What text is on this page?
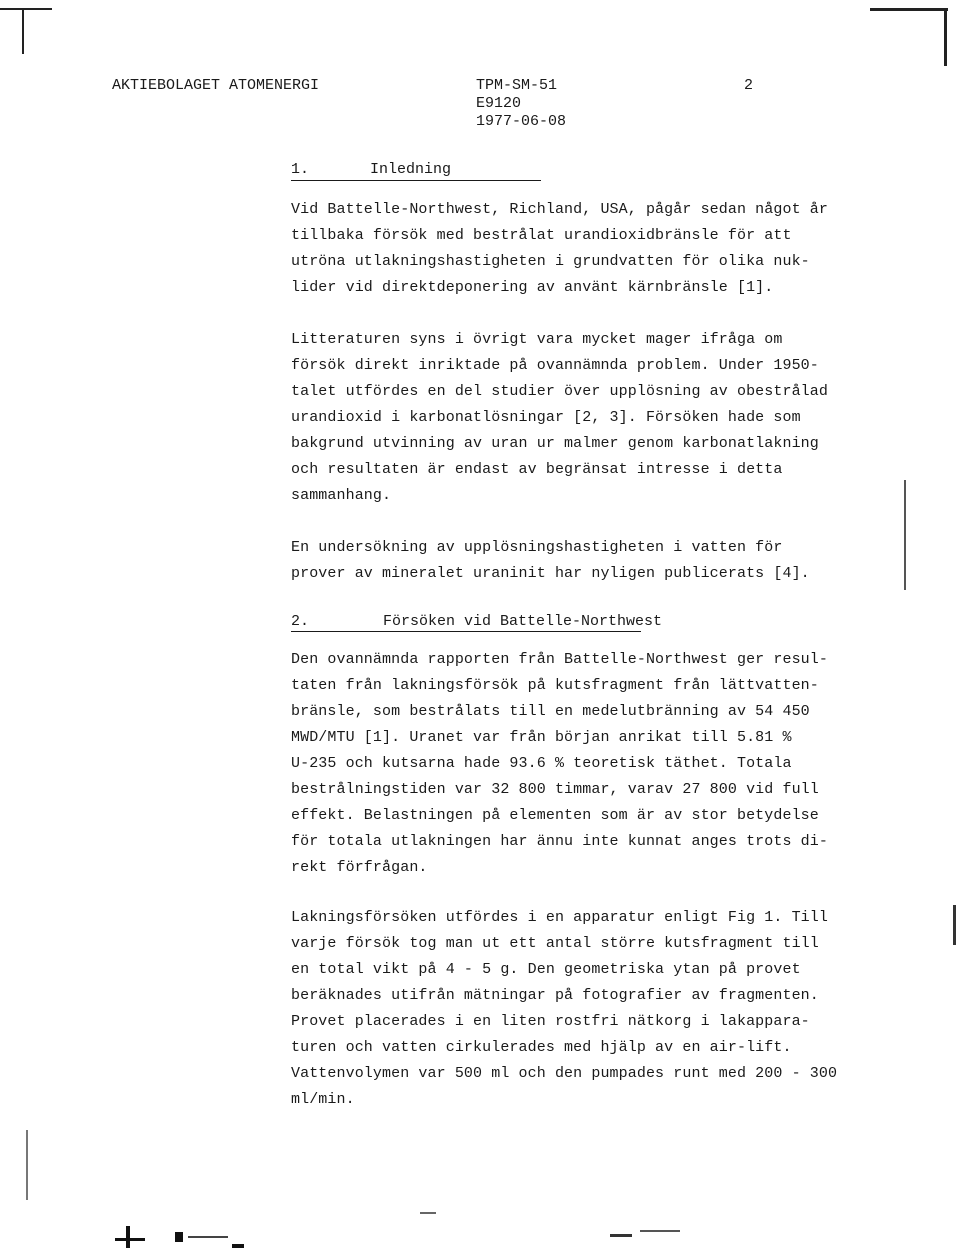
AKTIEBOLAGET ATOMENERGI	TPM-SM-51
E9120
1977-06-08
2
1.	Inledning
Vid Battelle-Northwest, Richland, USA, pågår sedan något år
tillbaka försök med bestrålat urandioxidbränsle för att
utröna utlakningshastigheten i grundvatten för olika nuk-
lider vid direktdeponering av använt kärnbränsle [1].
Litteraturen syns i övrigt vara mycket mager ifråga om
försök direkt inriktade på ovannämnda problem. Under 1950-
talet utfördes en del studier över upplösning av obestrålad
urandioxid i karbonatlösningar [2, 3]. Försöken hade som
bakgrund utvinning av uran ur malmer genom karbonatlakning
och resultaten är endast av begränsat intresse i detta
sammanhang.
En undersökning av upplösningshastigheten i vatten för
prover av mineralet uraninit har nyligen publicerats [4].
2.	Försöken vid Battelle-Northwest
Den ovannämnda rapporten från Battelle-Northwest ger resul-
taten från lakningsförsök på kutsfragment från lättvatten-
bränsle, som bestrålats till en medelutbränning av 54 450
MWD/MTU [1]. Uranet var från början anrikat till 5.81 %
U-235 och kutsarna hade 93.6 % teoretisk täthet. Totala
bestrålningstiden var 32 800 timmar, varav 27 800 vid full
effekt. Belastningen på elementen som är av stor betydelse
för totala utlakningen har ännu inte kunnat anges trots di-
rekt förfrågan.
Lakningsförsöken utfördes i en apparatur enligt Fig 1. Till
varje försök tog man ut ett antal större kutsfragment till
en total vikt på 4 - 5 g. Den geometriska ytan på provet
beräknades utifrån mätningar på fotografier av fragmenten.
Provet placerades i en liten rostfri nätkorg i lakappara-
turen och vatten cirkulerades med hjälp av en air-lift.
Vattenvolymen var 500 ml och den pumpades runt med 200 - 300
ml/min.
